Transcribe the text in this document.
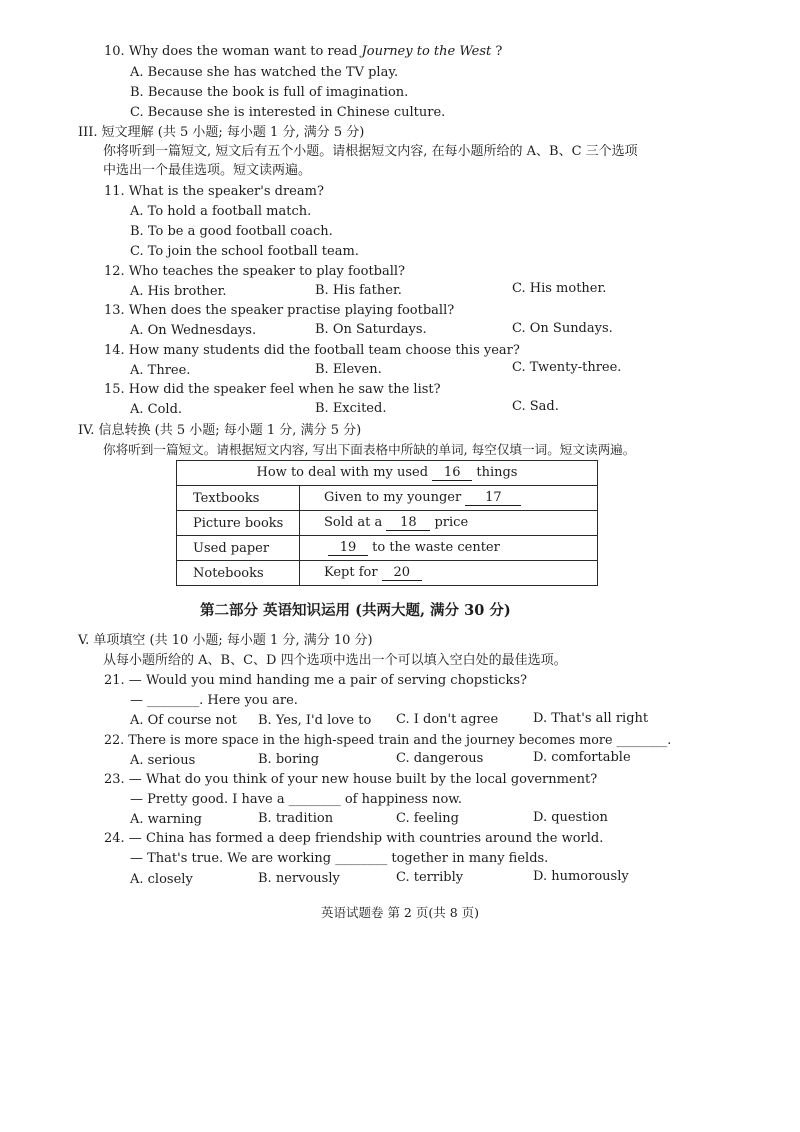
10. Why does the woman want to read Journey to the West ?
A. Because she has watched the TV play.
B. Because the book is full of imagination.
C. Because she is interested in Chinese culture.
III. 短文理解 (共 5 小题; 每小题 1 分, 满分 5 分)
你将听到一篇短文, 短文后有五个小题。请根据短文内容, 在每小题所给的 A、B、C 三个选项
中选出一个最佳选项。短文读两遍。
11. What is the speaker's dream?
A. To hold a football match.
B. To be a good football coach.
C. To join the school football team.
12. Who teaches the speaker to play football?
A. His brother.	B. His father.	C. His mother.
13. When does the speaker practise playing football?
A. On Wednesdays.	B. On Saturdays.	C. On Sundays.
14. How many students did the football team choose this year?
A. Three.	B. Eleven.	C. Twenty-three.
15. How did the speaker feel when he saw the list?
A. Cold.	B. Excited.	C. Sad.
IV. 信息转换 (共 5 小题; 每小题 1 分, 满分 5 分)
你将听到一篇短文。请根据短文内容, 写出下面表格中所缺的单词, 每空仅填一词。短文读两遍。
How to deal with my used 16 things	
Textbooks	Given to my younger 17
Picture books	Sold at a 18 price
Used paper	19 to the waste center
Notebooks	Kept for 20
第二部分 英语知识运用 (共两大题, 满分 30 分)
V. 单项填空 (共 10 小题; 每小题 1 分, 满分 10 分)
从每小题所给的 A、B、C、D 四个选项中选出一个可以填入空白处的最佳选项。
21. — Would you mind handing me a pair of serving chopsticks?
— ________. Here you are.
A. Of course not B. Yes, I'd love to C. I don't agree	D. That's all right
22. There is more space in the high-speed train and the journey becomes more ________.
A. serious	B. boring	C. dangerous	D. comfortable
23. — What do you think of your new house built by the local government?
— Pretty good. I have a ________ of happiness now.
A. warning	B. tradition	C. feeling	D. question
24. — China has formed a deep friendship with countries around the world.
— That's true. We are working ________ together in many fields.
A. closely	B. nervously	C. terribly	D. humorously
英语试题卷 第 2 页(共 8 页)
